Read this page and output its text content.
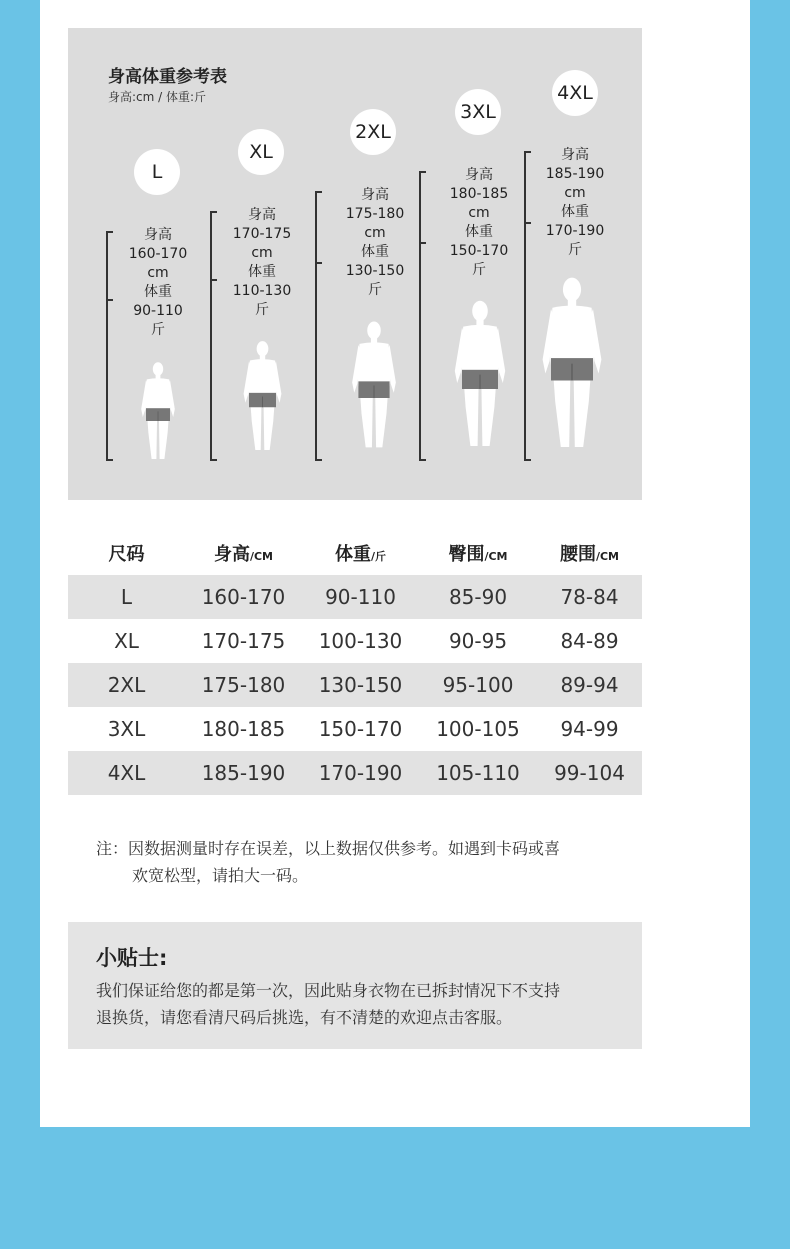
身高体重参考表
身高:cm / 体重:斤
L
身高
160-170
cm
体重
90-110
斤
XL
身高
170-175
cm
体重
110-130
斤
2XL
身高
175-180
cm
体重
130-150
斤
3XL
身高
180-185
cm
体重
150-170
斤
4XL
身高
185-190
cm
体重
170-190
斤
尺码	身高/CM	体重/斤	臀围/CM	腰围/CM
L	160-170	90-110	85-90	78-84
XL	170-175	100-130	90-95	84-89
2XL	175-180	130-150	95-100	89-94
3XL	180-185	150-170	100-105	94-99
4XL	185-190	170-190	105-110	99-104
注：因数据测量时存在误差，以上数据仅供参考。如遇到卡码或喜
欢宽松型，请拍大一码。
小贴士:
我们保证给您的都是第一次，因此贴身衣物在已拆封情况下不支持
退换货，请您看清尺码后挑选，有不清楚的欢迎点击客服。
